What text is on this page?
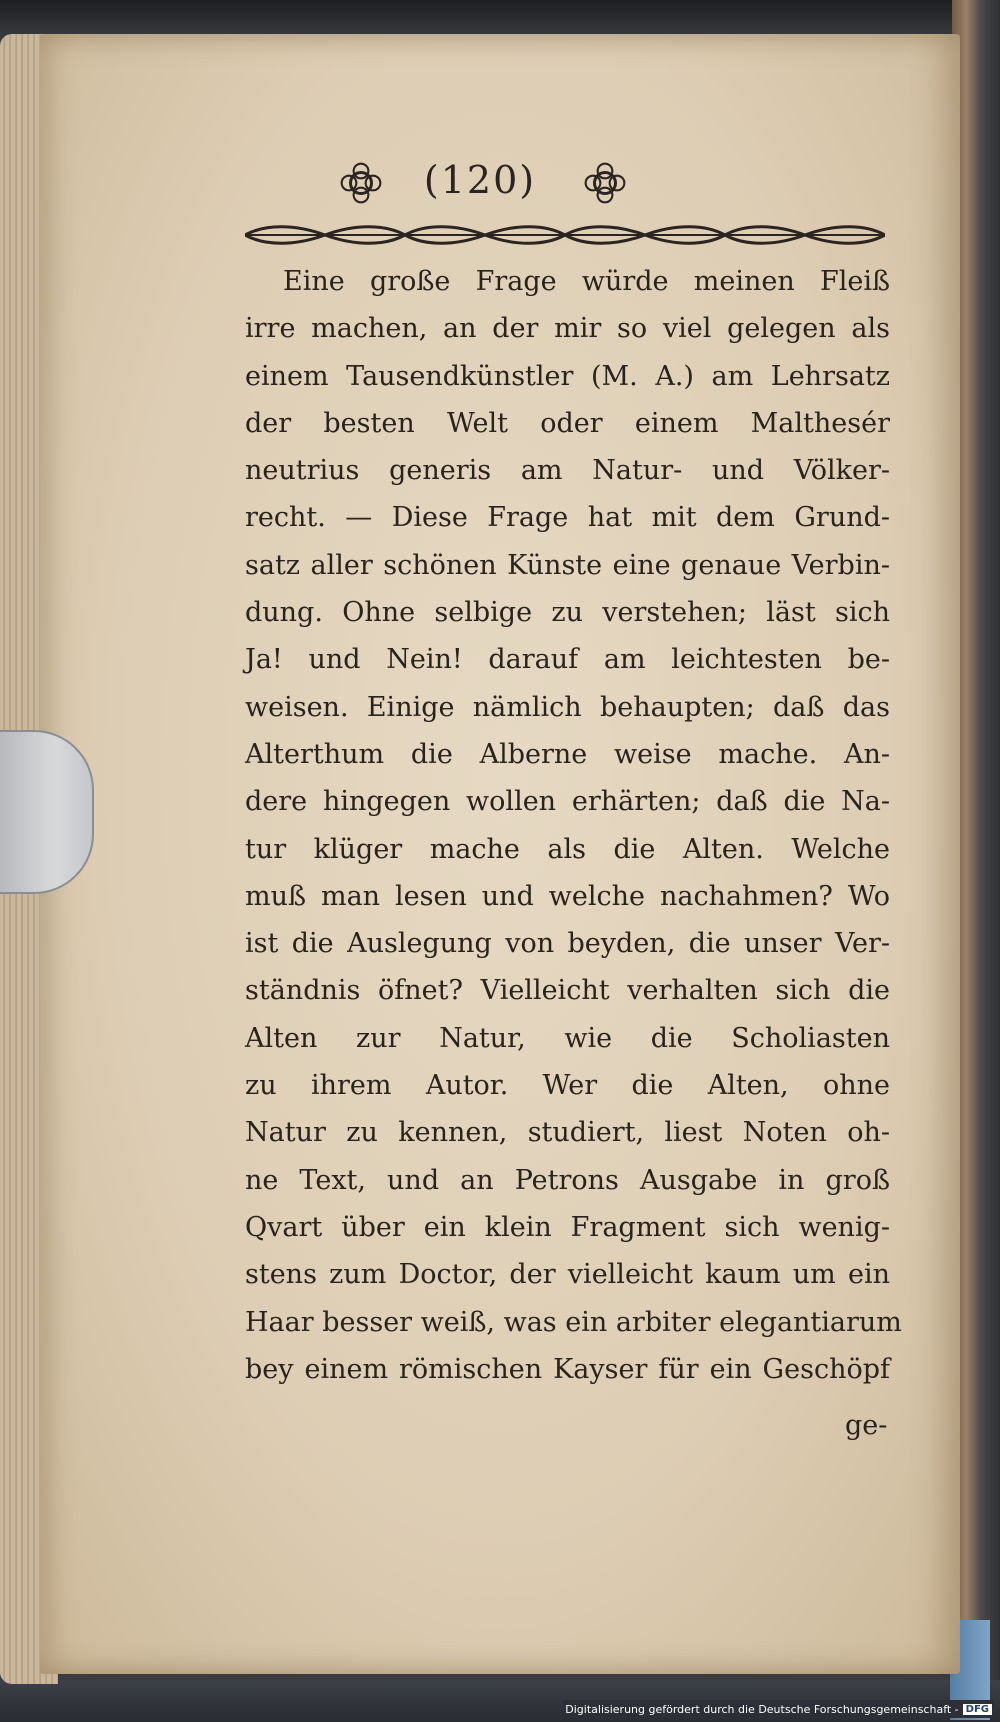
(120)
Eine große Frage würde meinen Fleiß
irre machen, an der mir so viel gelegen als
einem Tausendkünstler (M. A.) am Lehrsatz
der besten Welt oder einem Malthesér
neutrius generis am Natur- und Völker-
recht. — Diese Frage hat mit dem Grund-
satz aller schönen Künste eine genaue Verbin-
dung. Ohne selbige zu verstehen; läst sich
Ja! und Nein! darauf am leichtesten be-
weisen. Einige nämlich behaupten; daß das
Alterthum die Alberne weise mache. An-
dere hingegen wollen erhärten; daß die Na-
tur klüger mache als die Alten. Welche
muß man lesen und welche nachahmen? Wo
ist die Auslegung von beyden, die unser Ver-
ständnis öfnet? Vielleicht verhalten sich die
Alten zur Natur, wie die Scholiasten
zu ihrem Autor. Wer die Alten, ohne
Natur zu kennen, studiert, liest Noten oh-
ne Text, und an Petrons Ausgabe in groß
Qvart über ein klein Fragment sich wenig-
stens zum Doctor, der vielleicht kaum um ein
Haar besser weiß, was ein arbiter elegantiarum
bey einem römischen Kayser für ein Geschöpf
ge-
Digitalisierung gefördert durch die Deutsche Forschungsgemeinschaft - DFG
